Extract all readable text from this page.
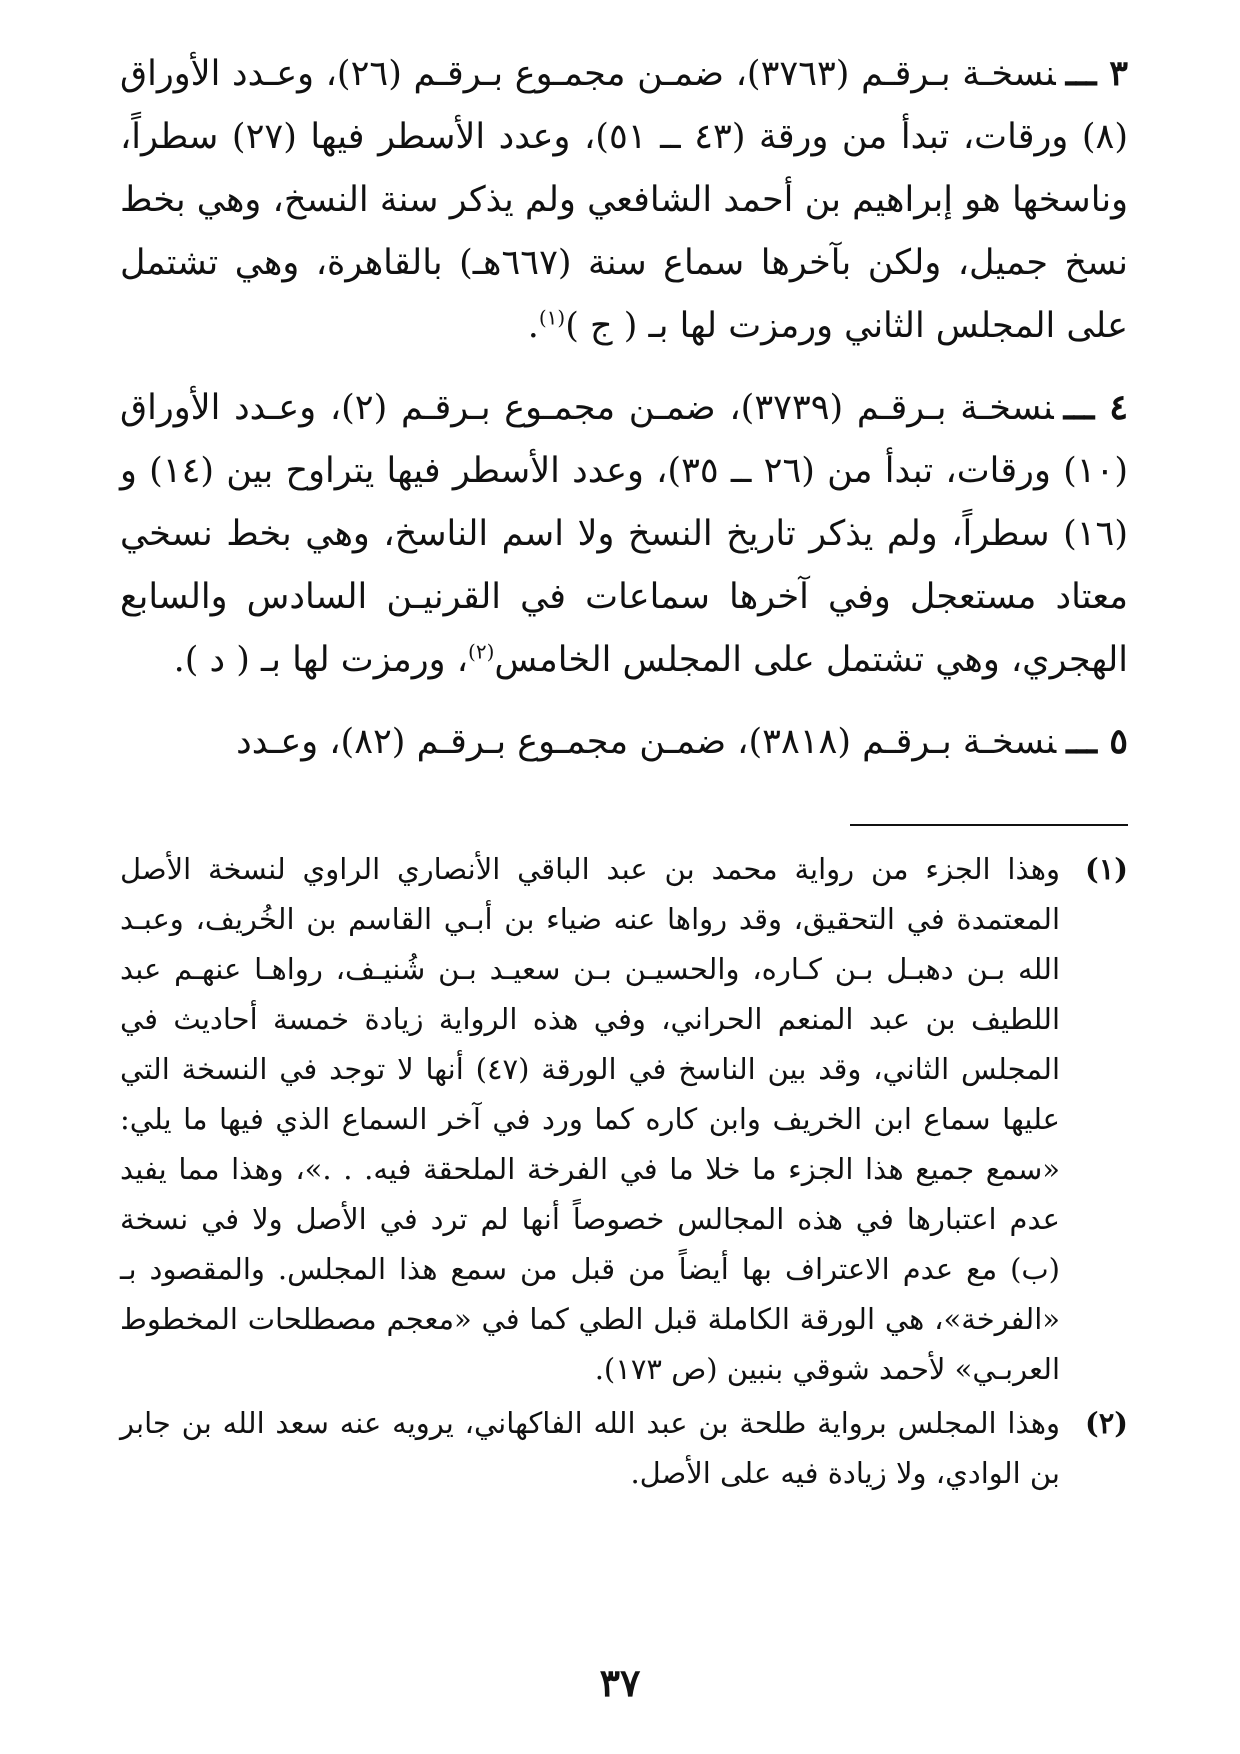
٣ ـــنسخـة بـرقـم (٣٧٦٣)، ضمـن مجمـوع بـرقـم (٢٦)، وعـدد الأوراق (٨) ورقات، تبدأ من ورقة (٤٣ ــ ٥١)، وعدد الأسطر فيها (٢٧) سطراً، وناسخها هو إبراهيم بن أحمد الشافعي ولم يذكر سنة النسخ، وهي بخط نسخ جميل، ولكن بآخرها سماع سنة (٦٦٧هـ) بالقاهرة، وهي تشتمل على المجلس الثاني ورمزت لها بـ ( ج )$^{(١)}$.

٤ ـــنسخـة بـرقـم (٣٧٣٩)، ضمـن مجمـوع بـرقـم (٢)، وعـدد الأوراق (١٠) ورقات، تبدأ من (٢٦ ــ ٣٥)، وعدد الأسطر فيها يتراوح بين (١٤) و (١٦) سطراً، ولم يذكر تاريخ النسخ ولا اسم الناسخ، وهي بخط نسخي معتاد مستعجل وفي آخرها سماعات في القرنيـن السادس والسابع الهجري، وهي تشتمل على المجلس الخامس$^{(٢)}$، ورمزت لها بـ ( د ).

٥ ـــنسخـة بـرقـم (٣٨١٨)، ضمـن مجمـوع بـرقـم (٨٢)، وعـدد

(١)
وهذا الجزء من رواية محمد بن عبد الباقي الأنصاري الراوي لنسخة الأصل المعتمدة في التحقيق، وقد رواها عنه ضياء بن أبـي القاسم بن الخُريف، وعبـد الله بـن دهبـل بـن كـاره، والحسيـن بـن سعيـد بـن شُنيـف، رواهـا عنهـم عبد اللطيف بن عبد المنعم الحراني، وفي هذه الرواية زيادة خمسة أحاديث في المجلس الثاني، وقد بين الناسخ في الورقة (٤٧) أنها لا توجد في النسخة التي عليها سماع ابن الخريف وابن كاره كما ورد في آخر السماع الذي فيها ما يلي: «سمع جميع هذا الجزء ما خلا ما في الفرخة الملحقة فيه. . .»، وهذا مما يفيد عدم اعتبارها في هذه المجالس خصوصاً أنها لم ترد في الأصل ولا في نسخة (ب) مع عدم الاعتراف بها أيضاً من قبل من سمع هذا المجلس. والمقصود بـ «الفرخة»، هي الورقة الكاملة قبل الطي كما في «معجم مصطلحات المخطوط العربـي» لأحمد شوقي بنبين (ص ١٧٣).
(٢)
وهذا المجلس برواية طلحة بن عبد الله الفاكهاني، يرويه عنه سعد الله بن جابر بن الوادي، ولا زيادة فيه على الأصل.
٣٧
